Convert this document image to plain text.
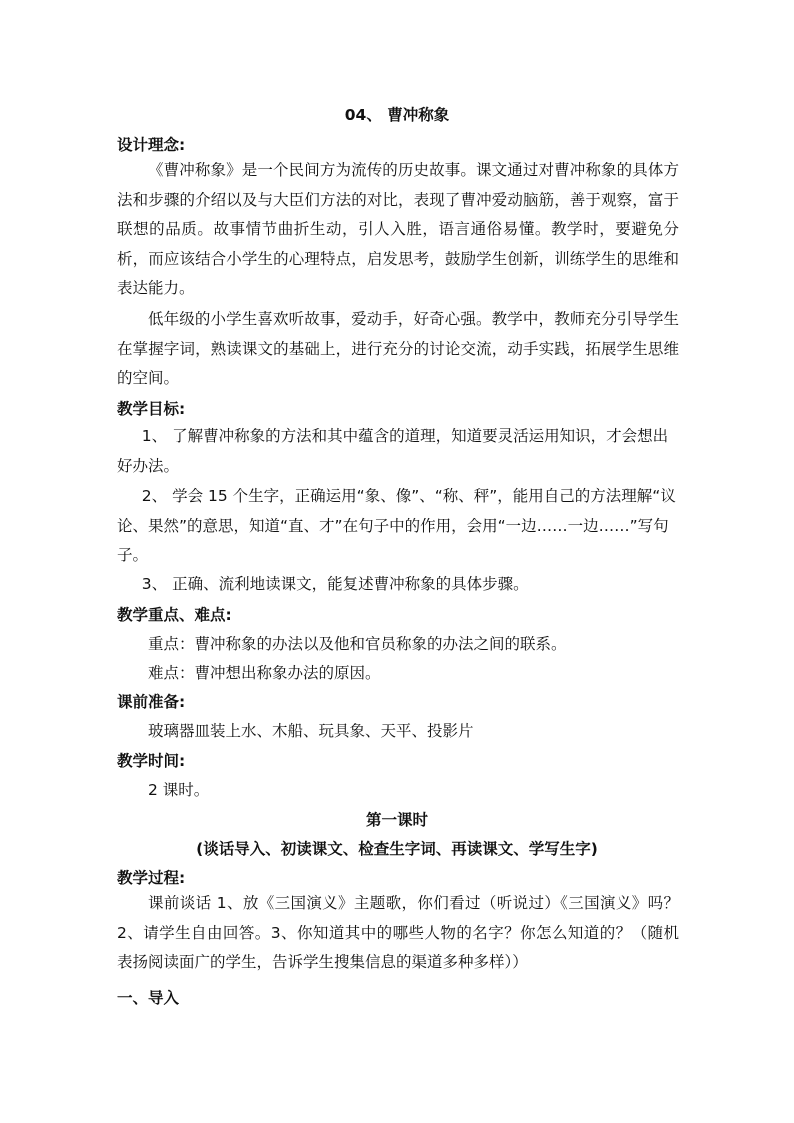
04、 曹冲称象
设计理念:

《曹冲称象》是一个民间方为流传的历史故事。课文通过对曹冲称象的具体方法和步骤的介绍以及与大臣们方法的对比，表现了曹冲爱动脑筋，善于观察，富于联想的品质。故事情节曲折生动，引人入胜，语言通俗易懂。教学时，要避免分析，而应该结合小学生的心理特点，启发思考，鼓励学生创新，训练学生的思维和表达能力。

低年级的小学生喜欢听故事，爱动手，好奇心强。教学中，教师充分引导学生在掌握字词，熟读课文的基础上，进行充分的讨论交流，动手实践，拓展学生思维的空间。

教学目标:

1、 了解曹冲称象的方法和其中蕴含的道理，知道要灵活运用知识，才会想出好办法。

2、 学会 15 个生字，正确运用“象、像”、“称、秤”，能用自己的方法理解“议论、果然”的意思，知道“直、才”在句子中的作用，会用“一边……一边……”写句子。

3、 正确、流利地读课文，能复述曹冲称象的具体步骤。

教学重点、难点:
重点：曹冲称象的办法以及他和官员称象的办法之间的联系。
难点：曹冲想出称象办法的原因。
课前准备:
玻璃器皿装上水、木船、玩具象、天平、投影片
教学时间:
2 课时。
第一课时
(谈话导入、初读课文、检查生字词、再读课文、学写生字)
教学过程:

课前谈话 1、放《三国演义》主题歌，你们看过（听说过）《三国演义》吗？2、请学生自由回答。3、你知道其中的哪些人物的名字？你怎么知道的？（随机表扬阅读面广的学生，告诉学生搜集信息的渠道多种多样））

一、导入
